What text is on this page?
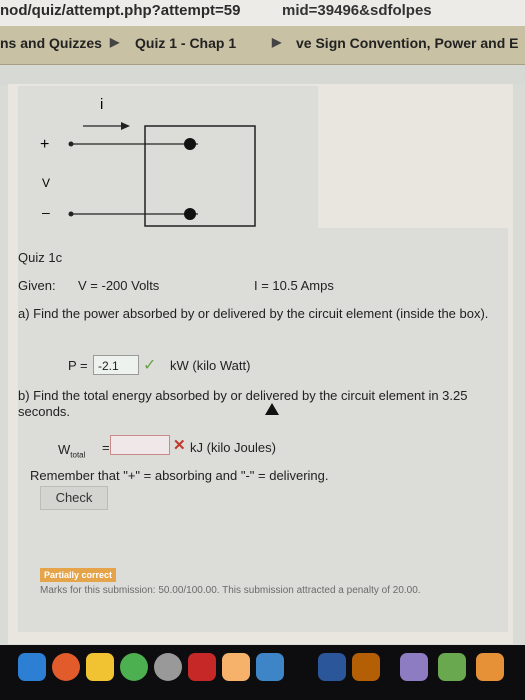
nod/quiz/attempt.php?attempt=59	mid=39496&sdfolpes
ns and Quizzes ▶ Quiz 1 - Chap 1	▶ ve Sign Convention, Power and E
i
+
V
–
Quiz 1c
Given: V = -200 Volts	I = 10.5 Amps
a) Find the power absorbed by or delivered by the circuit element (inside the box).
P = -2.1	✓ kW (kilo Watt)
b) Find the total energy absorbed by or delivered by the circuit element in 3.25 seconds.
$W_{total}$
=	✕ kJ (kilo Joules)
Remember that "+" = absorbing and "-" = delivering.
Check
Partially correct
Marks for this submission: 50.00/100.00. This submission attracted a penalty of 20.00.
